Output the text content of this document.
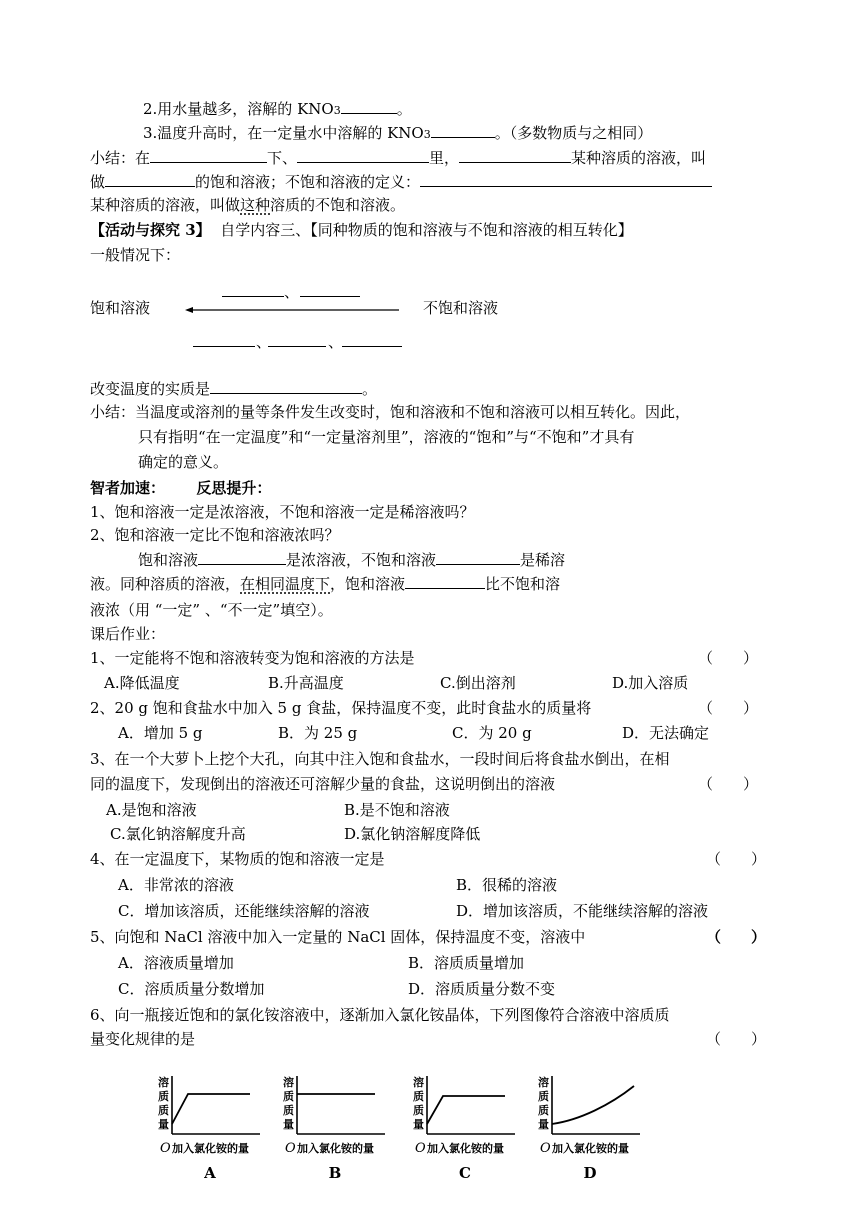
2.用水量越多，溶解的 KNO3	。
3.温度升高时，在一定量水中溶解的 KNO3	。（多数物质与之相同）
小结：在	下、	里，	某种溶质的溶液，叫
做	的饱和溶液；不饱和溶液的定义：
某种溶质的溶液，叫做这种溶质的不饱和溶液。
【活动与探究 3】 自学内容三、【同种物质的饱和溶液与不饱和溶液的相互转化】
一般情况下：
、
饱和溶液	不饱和溶液
、	、
改变温度的实质是	。
小结：当温度或溶剂的量等条件发生改变时，饱和溶液和不饱和溶液可以相互转化。因此，
只有指明“在一定温度”和“一定量溶剂里”，溶液的“饱和”与“不饱和”才具有
确定的意义。
智者加速： 反思提升：
1、饱和溶液一定是浓溶液，不饱和溶液一定是稀溶液吗？
2、饱和溶液一定比不饱和溶液浓吗？
饱和溶液	是浓溶液，不饱和溶液	是稀溶
液。同种溶质的溶液，在相同温度下，饱和溶液	比不饱和溶
液浓（用 “一定” 、“不一定”填空）。
课后作业：
1、一定能将不饱和溶液转变为饱和溶液的方法是	（　　）
A.降低温度	B.升高温度	C.倒出溶剂	D.加入溶质
2、20 g 饱和食盐水中加入 5 g 食盐，保持温度不变，此时食盐水的质量将	（　　）
A．增加 5 g	B．为 25 g	C．为 20 g	D．无法确定
3、在一个大萝卜上挖个大孔，向其中注入饱和食盐水，一段时间后将食盐水倒出，在相
同的温度下，发现倒出的溶液还可溶解少量的食盐，这说明倒出的溶液	（　　）
A.是饱和溶液	B.是不饱和溶液
C.氯化钠溶解度升高	D.氯化钠溶解度降低
4、在一定温度下，某物质的饱和溶液一定是	（　　）
A．非常浓的溶液	B．很稀的溶液
C．增加该溶质，还能继续溶解的溶液	D．增加该溶质，不能继续溶解的溶液
5、向饱和 NaCl 溶液中加入一定量的 NaCl 固体，保持温度不变，溶液中	（　　）
A．溶液质量增加	B．溶质质量增加
C．溶质质量分数增加	D．溶质质量分数不变
6、向一瓶接近饱和的氯化铵溶液中，逐渐加入氯化铵晶体，下列图像符合溶液中溶质质
量变化规律的是	（　　）
溶
质
质
量
O 加入氯化铵的量
A
溶
质
质
量
O 加入氯化铵的量
B
溶
质
质
量
O 加入氯化铵的量
C
溶
质
质
量
O 加入氯化铵的量
D
